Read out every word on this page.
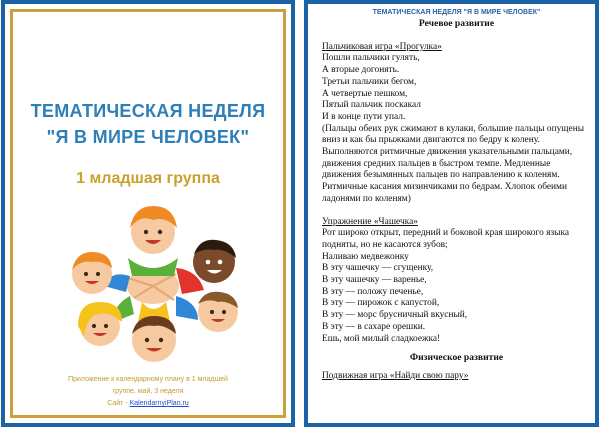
ТЕМАТИЧЕСКАЯ НЕДЕЛЯ
"Я В МИРЕ ЧЕЛОВЕК"
1 младшая группа
Приложение к календарному плану в 1 младшей
группе, май, 3 неделя
Сайт - KalendarnyiPlan.ru
ТЕМАТИЧЕСКАЯ НЕДЕЛЯ "Я В МИРЕ ЧЕЛОВЕК"
Речевое развитие
Пальчиковая игра «Прогулка»
Пошли пальчики гулять,
А вторые догонять.
Третьи пальчики бегом,
А четвертые пешком,
Пятый пальчик поскакал
И в конце пути упал.
(Пальцы обеих рук сжимают в кулаки, большие пальцы опущены вниз и как бы прыжками двигаются по бедру к колену. Выполняются ритмичные движения указательными пальцами, движения средних пальцев в быстром темпе. Медленные движения безымянных пальцев по направлению к коленям. Ритмичные касания мизинчиками по бедрам. Хлопок обеими ладонями по коленям)
Упражнение «Чашечка»
Рот широко открыт, передний и боковой края широкого языка подняты, но не касаются зубов;
Наливаю медвежонку
В эту чашечку — сгущенку,
В эту чашечку — варенье,
В эту — положу печенье,
В эту — пирожок с капустой,
В эту — морс брусничный вкусный,
В эту — в сахаре орешки.
Ешь, мой милый сладкоежка!
Физическое развитие
Подвижная игра «Найди свою пару»
